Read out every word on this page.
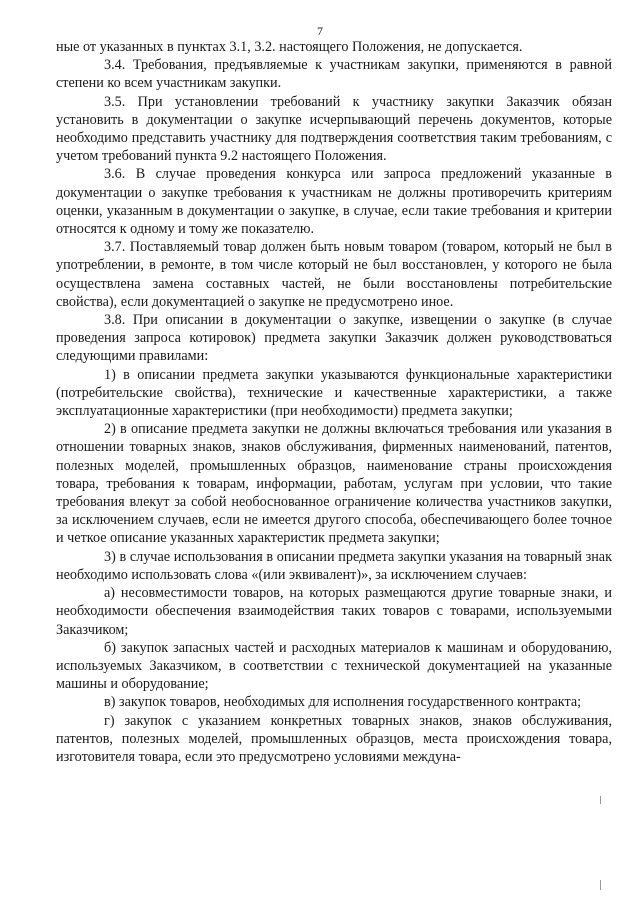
7

ные от указанных в пунктах 3.1, 3.2. настоящего Положения, не допускается.

3.4. Требования, предъявляемые к участникам закупки, применяются в равной степени ко всем участникам закупки.

3.5. При установлении требований к участнику закупки Заказчик обязан установить в документации о закупке исчерпывающий перечень документов, которые необходимо представить участнику для подтверждения соответствия таким требованиям, с учетом требований пункта 9.2 настоящего Положения.

3.6. В случае проведения конкурса или запроса предложений указанные в документации о закупке требования к участникам не должны противоречить критериям оценки, указанным в документации о закупке, в случае, если такие требования и критерии относятся к одному и тому же показателю.

3.7. Поставляемый товар должен быть новым товаром (товаром, который не был в употреблении, в ремонте, в том числе который не был восстановлен, у которого не была осуществлена замена составных частей, не были восстановлены потребительские свойства), если документацией о закупке не предусмотрено иное.

3.8. При описании в документации о закупке, извещении о закупке (в случае проведения запроса котировок) предмета закупки Заказчик должен руководствоваться следующими правилами:

1) в описании предмета закупки указываются функциональные характеристики (потребительские свойства), технические и качественные характеристики, а также эксплуатационные характеристики (при необходимости) предмета закупки;

2) в описание предмета закупки не должны включаться требования или указания в отношении товарных знаков, знаков обслуживания, фирменных наименований, патентов, полезных моделей, промышленных образцов, наименование страны происхождения товара, требования к товарам, информации, работам, услугам при условии, что такие требования влекут за собой необоснованное ограничение количества участников закупки, за исключением случаев, если не имеется другого способа, обеспечивающего более точное и четкое описание указанных характеристик предмета закупки;

3) в случае использования в описании предмета закупки указания на товарный знак необходимо использовать слова «(или эквивалент)», за исключением случаев:

а) несовместимости товаров, на которых размещаются другие товарные знаки, и необходимости обеспечения взаимодействия таких товаров с товарами, используемыми Заказчиком;

б) закупок запасных частей и расходных материалов к машинам и оборудованию, используемых Заказчиком, в соответствии с технической документацией на указанные машины и оборудование;

в) закупок товаров, необходимых для исполнения государственного контракта;

г) закупок с указанием конкретных товарных знаков, знаков обслуживания, патентов, полезных моделей, промышленных образцов, места происхождения товара, изготовителя товара, если это предусмотрено условиями междуна-
